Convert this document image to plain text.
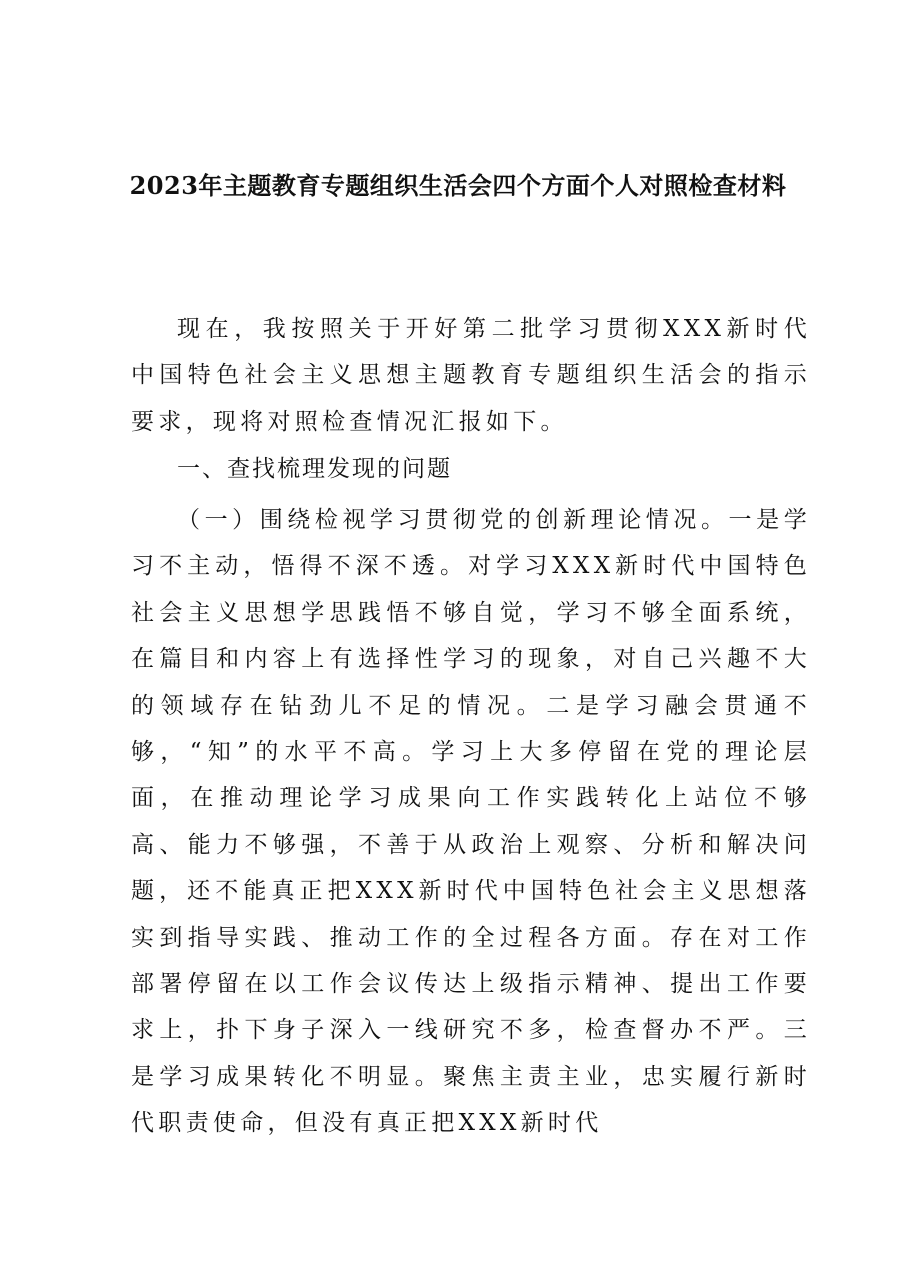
2023年主题教育专题组织生活会四个方面个人对照检查材料
现在，我按照关于开好第二批学习贯彻XXX新时代中国特色社会主义思想主题教育专题组织生活会的指示要求，现将对照检查情况汇报如下。
一、查找梳理发现的问题
（一）围绕检视学习贯彻党的创新理论情况。一是学习不主动，悟得不深不透。对学习XXX新时代中国特色社会主义思想学思践悟不够自觉，学习不够全面系统，在篇目和内容上有选择性学习的现象，对自己兴趣不大的领域存在钻劲儿不足的情况。二是学习融会贯通不够，“知”的水平不高。学习上大多停留在党的理论层面，在推动理论学习成果向工作实践转化上站位不够高、能力不够强，不善于从政治上观察、分析和解决问题，还不能真正把XXX新时代中国特色社会主义思想落实到指导实践、推动工作的全过程各方面。存在对工作部署停留在以工作会议传达上级指示精神、提出工作要求上，扑下身子深入一线研究不多，检查督办不严。三是学习成果转化不明显。聚焦主责主业，忠实履行新时代职责使命，但没有真正把XXX新时代
